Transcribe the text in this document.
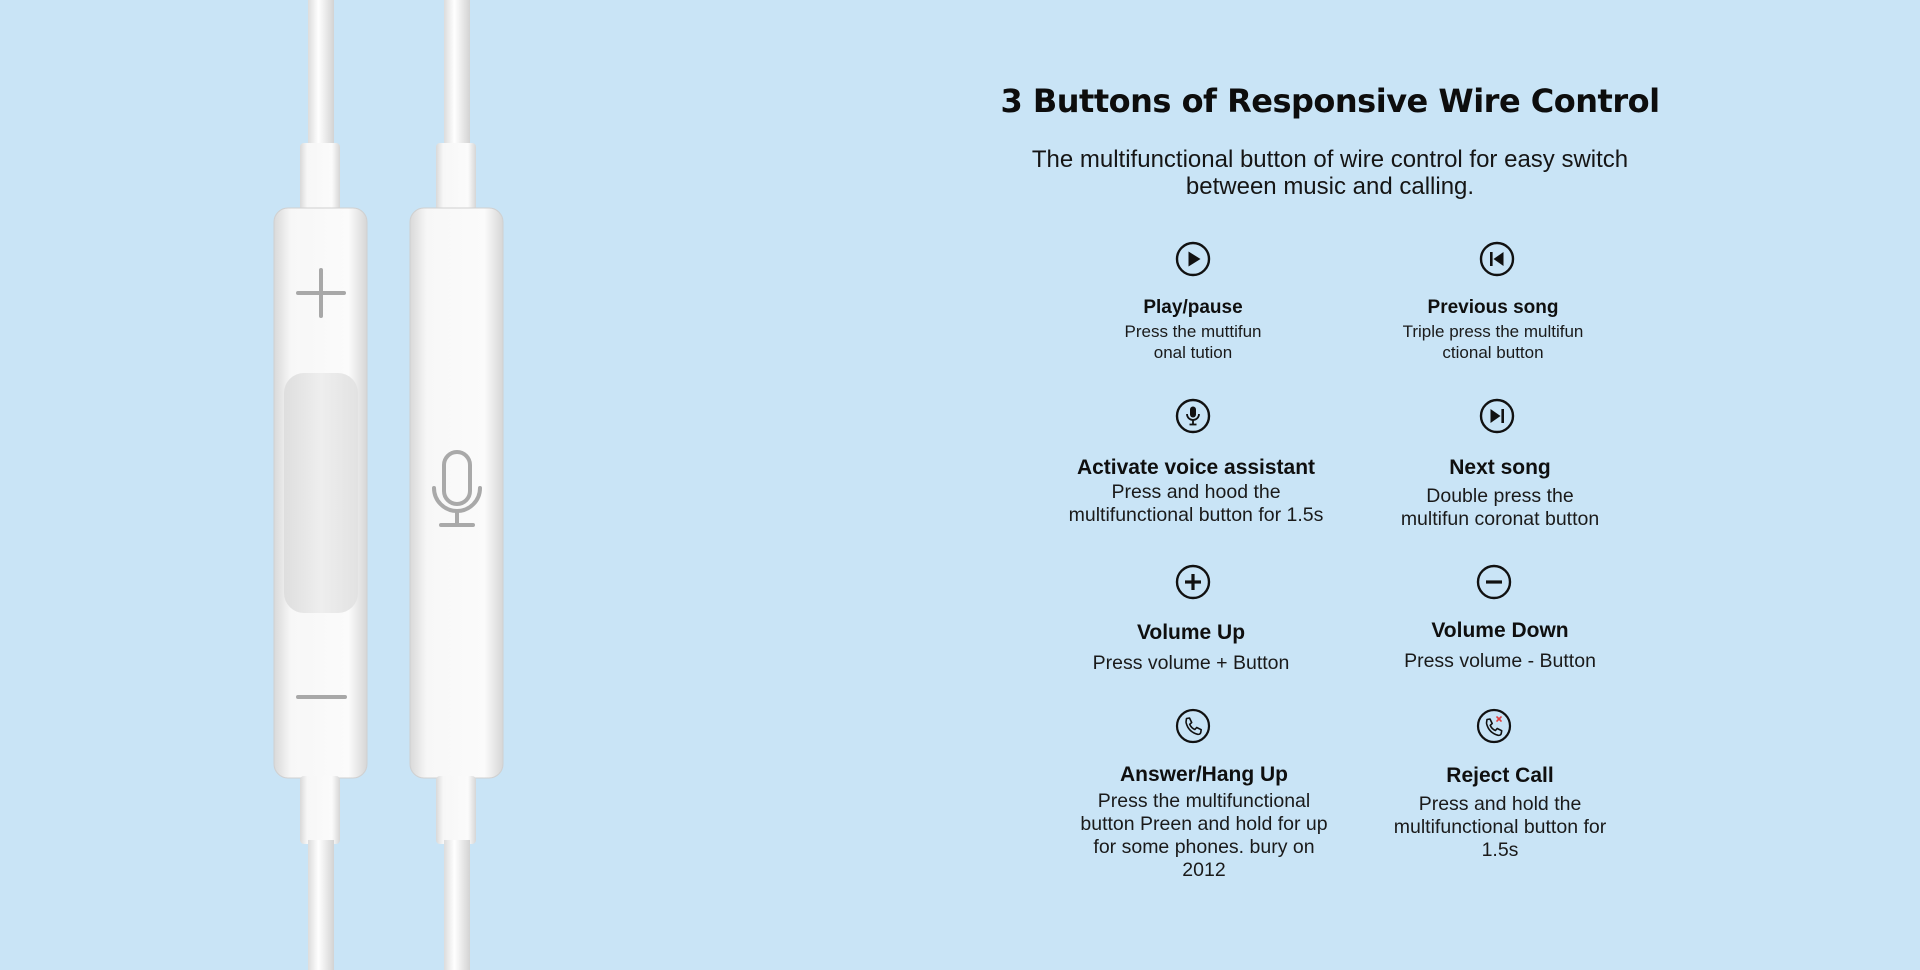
3 Buttons of Responsive Wire Control
The multifunctional button of wire control for easy switch between music and calling.
Play/pause
Press the muttifun onal tution
Previous song
Triple press the multifun ctional button
Activate voice assistant
Press and hood the multifunctional button for 1.5s
Next song
Double press the multifun coronat button
Volume Up
Press volume + Button
Volume Down
Press volume - Button
Answer/Hang Up
Press the multifunctional button Preen and hold for up for some phones. bury on 2012
Reject Call
Press and hold the multifunctional button for 1.5s
